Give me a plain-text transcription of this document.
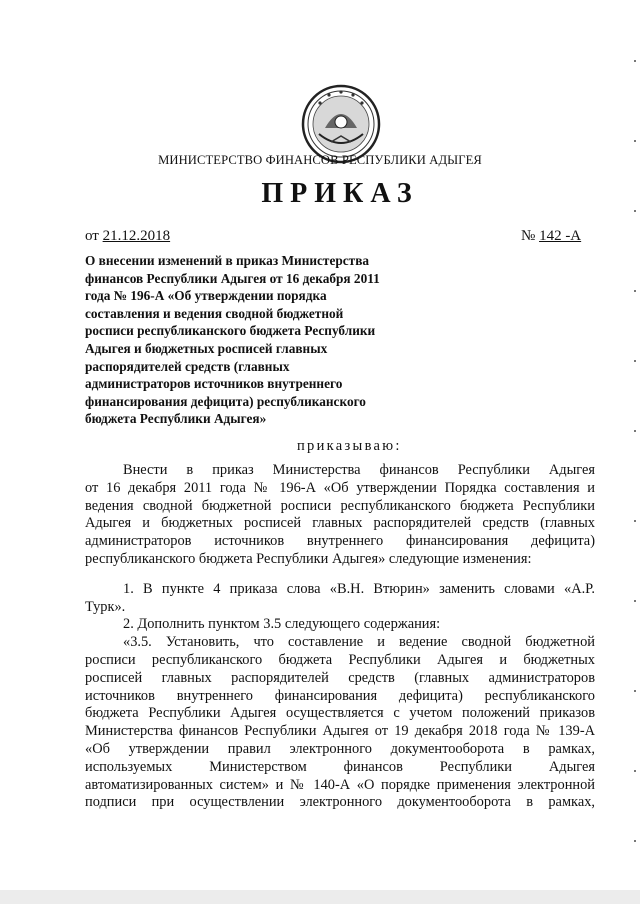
МИНИСТЕРСТВО ФИНАНСОВ РЕСПУБЛИКИ АДЫГЕЯ
ПРИКАЗ
от 21.12.2018	№ 142 -А
О внесении изменений в приказ Министерства
финансов Республики Адыгея от 16 декабря 2011
года № 196-А «Об утверждении порядка
составления и ведения сводной бюджетной
росписи республиканского бюджета Республики
Адыгея и бюджетных росписей главных
распорядителей средств (главных
администраторов источников внутреннего
финансирования дефицита) республиканского
бюджета Республики Адыгея»
приказываю:
Внести в приказ Министерства финансов Республики Адыгея
от 16 декабря 2011 года № 196-А «Об утверждении Порядка составления и
ведения сводной бюджетной росписи республиканского бюджета Республики
Адыгея и бюджетных росписей главных распорядителей средств (главных
администраторов источников внутреннего финансирования дефицита)
республиканского бюджета Республики Адыгея» следующие изменения:
1. В пункте 4 приказа слова «В.Н. Втюрин» заменить словами «А.Р.
Турк».
2. Дополнить пунктом 3.5 следующего содержания:
«3.5. Установить, что составление и ведение сводной бюджетной
росписи республиканского бюджета Республики Адыгея и бюджетных
росписей главных распорядителей средств (главных администраторов
источников внутреннего финансирования дефицита) республиканского
бюджета Республики Адыгея осуществляется с учетом положений приказов
Министерства финансов Республики Адыгея от 19 декабря 2018 года № 139-А
«Об утверждении правил электронного документооборота в рамках,
используемых Министерством финансов Республики Адыгея
автоматизированных систем» и № 140-А «О порядке применения электронной
подписи при осуществлении электронного документооборота в рамках,
